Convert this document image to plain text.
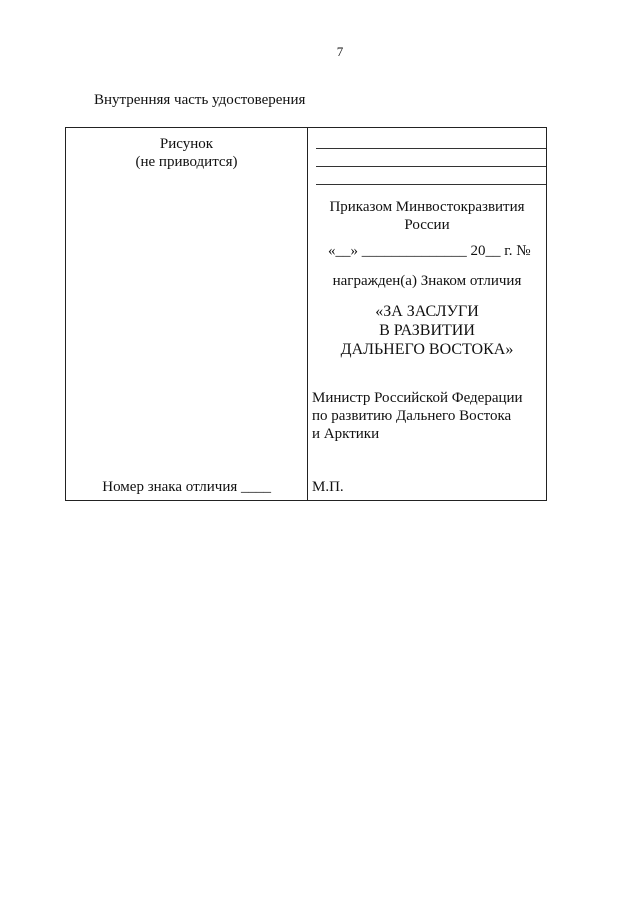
7
Внутренняя часть удостоверения
Рисунок
(не приводится)
Номер знака отличия ____
Приказом Минвостокразвития
России
«__» ______________ 20__ г. №
награжден(а) Знаком отличия
«ЗА ЗАСЛУГИ
В РАЗВИТИИ
ДАЛЬНЕГО ВОСТОКА»
Министр Российской Федерации
по развитию Дальнего Востока
и Арктики
М.П.
